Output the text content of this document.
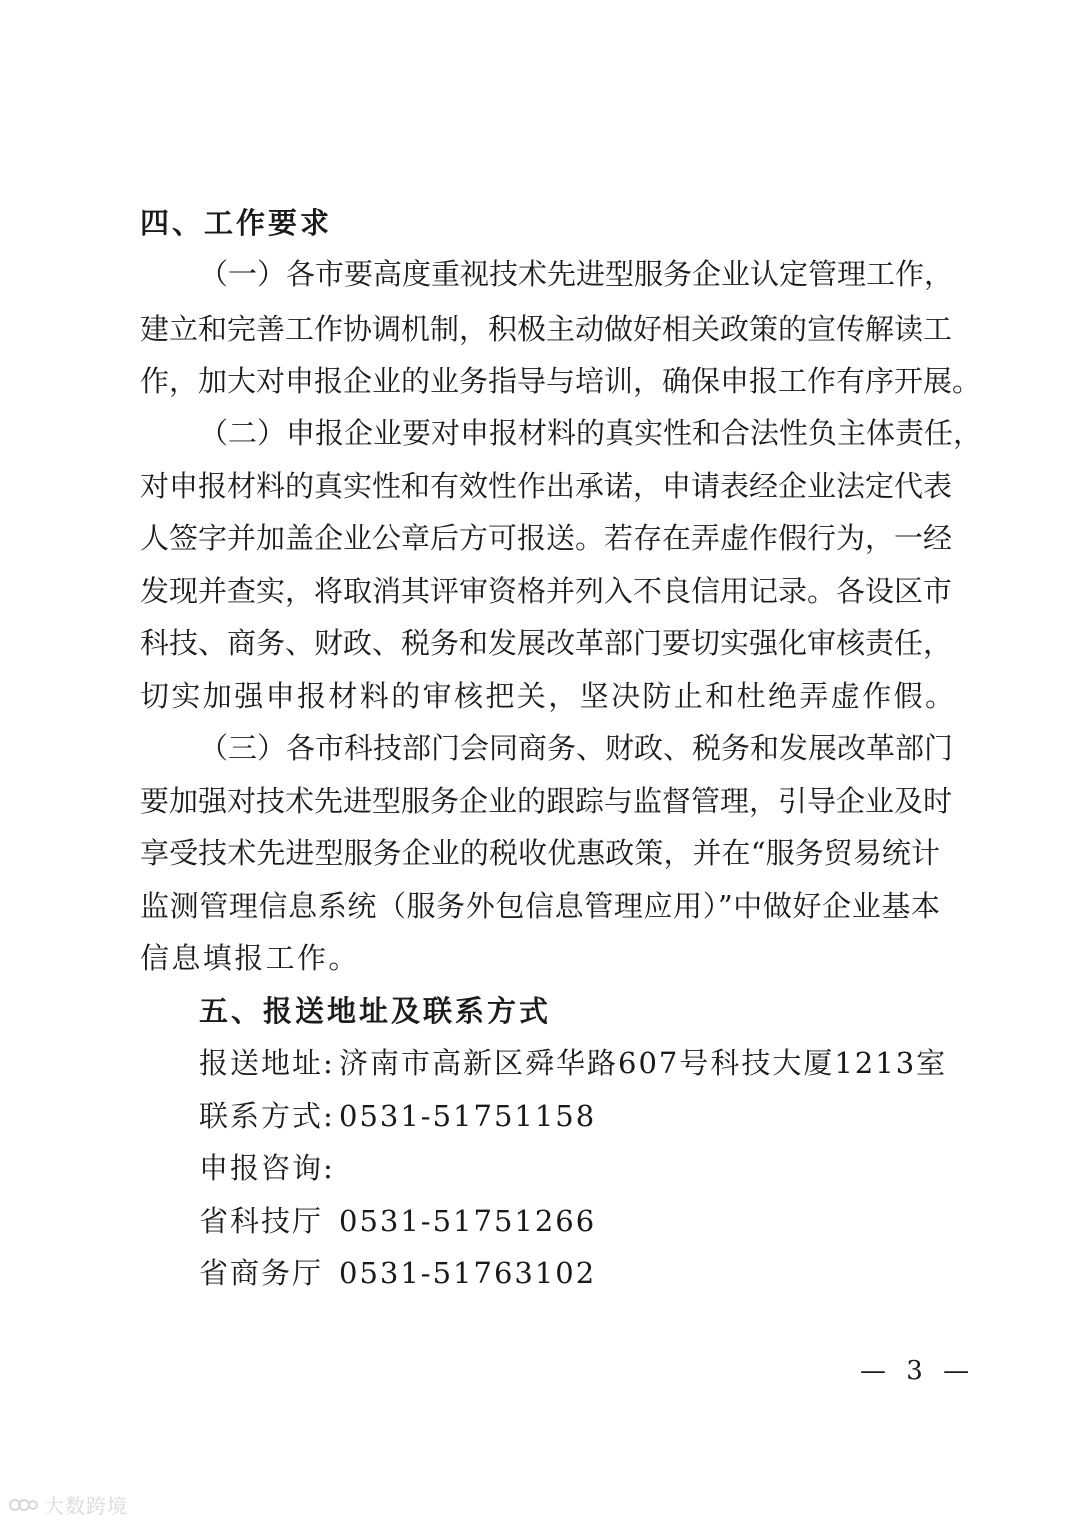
四、工作要求
（一）各市要高度重视技术先进型服务企业认定管理工作，
建立和完善工作协调机制，积极主动做好相关政策的宣传解读工
作，加大对申报企业的业务指导与培训，确保申报工作有序开展。
（二）申报企业要对申报材料的真实性和合法性负主体责任，
对申报材料的真实性和有效性作出承诺，申请表经企业法定代表
人签字并加盖企业公章后方可报送。若存在弄虚作假行为，一经
发现并查实，将取消其评审资格并列入不良信用记录。各设区市
科技、商务、财政、税务和发展改革部门要切实强化审核责任，
切实加强申报材料的审核把关，坚决防止和杜绝弄虚作假。
（三）各市科技部门会同商务、财政、税务和发展改革部门
要加强对技术先进型服务企业的跟踪与监督管理，引导企业及时
享受技术先进型服务企业的税收优惠政策，并在“服务贸易统计
监测管理信息系统（服务外包信息管理应用）”中做好企业基本
信息填报工作。
五、报送地址及联系方式
报送地址: 济南市高新区舜华路607号科技大厦1213室
联系方式: 0531-51751158
申报咨询:
省科技厅 0531-51751266
省商务厅 0531-51763102
— 3 —
大数跨境
